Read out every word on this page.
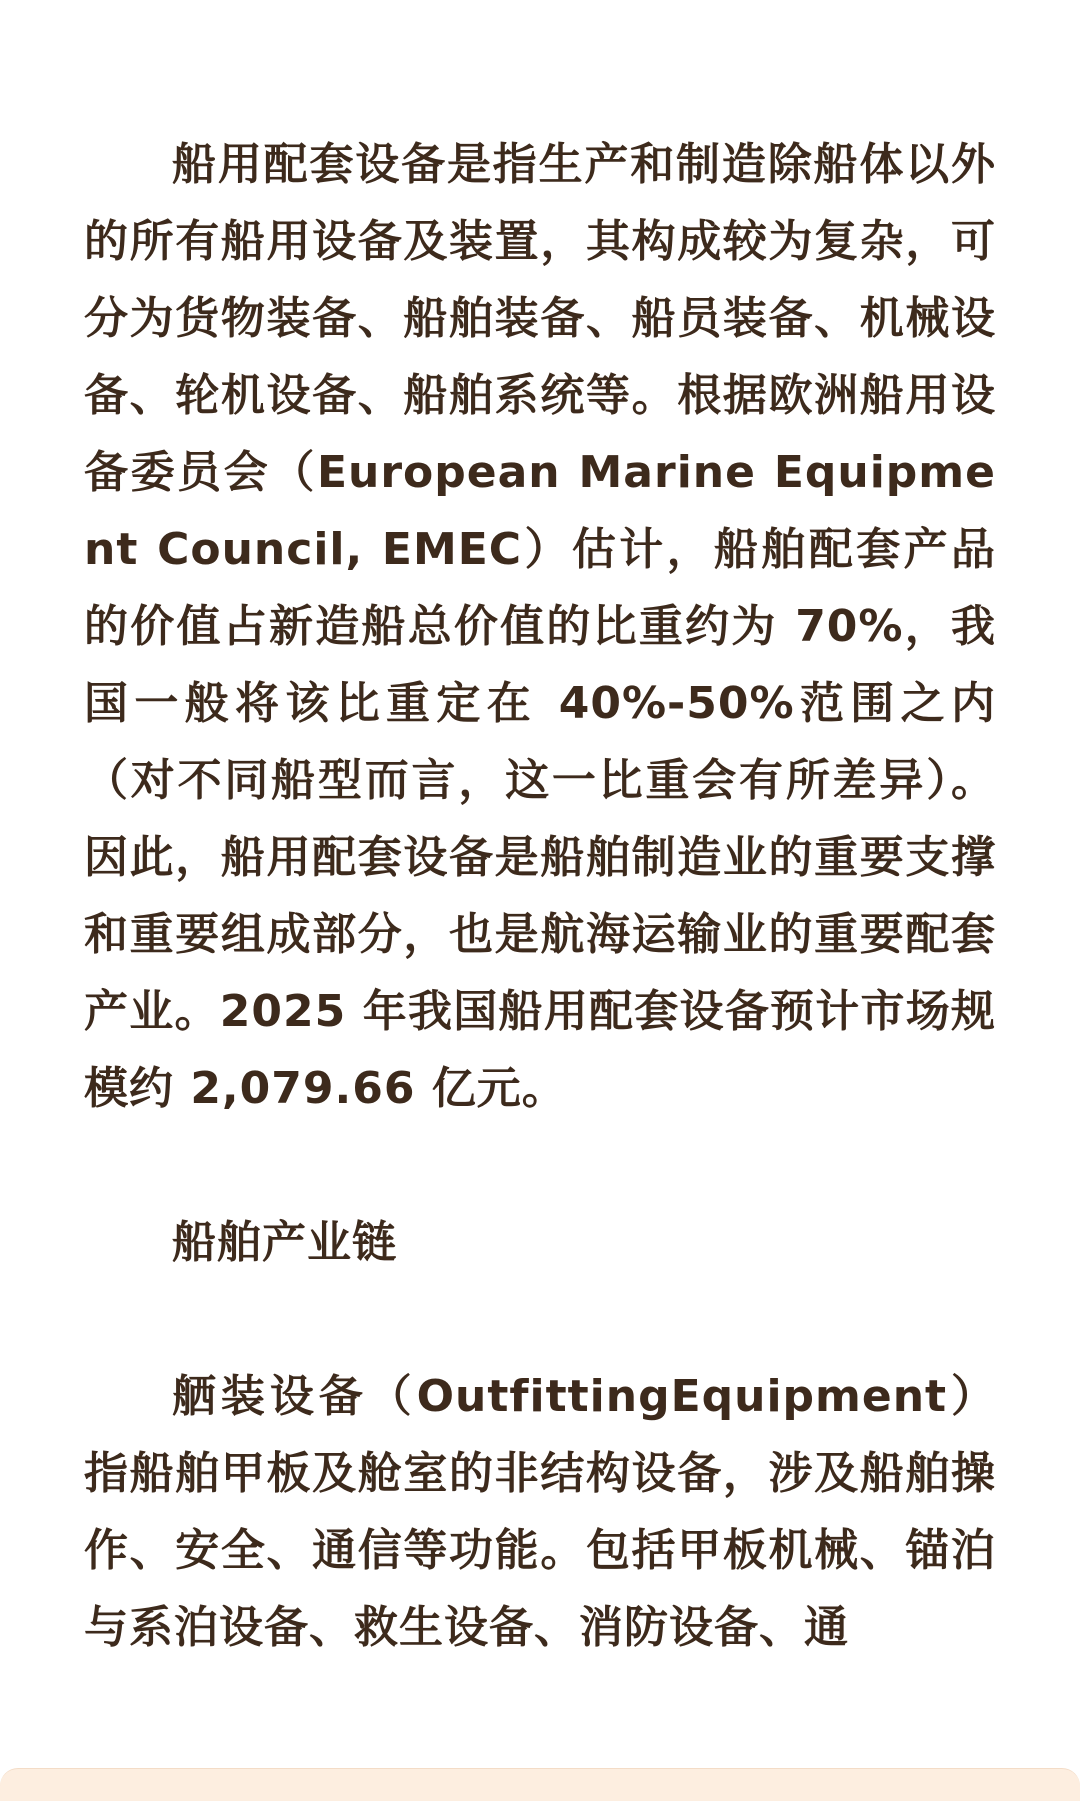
船用配套设备是指生产和制造除船体以外的所有船用设备及装置，其构成较为复杂，可分为货物装备、船舶装备、船员装备、机械设备、轮机设备、船舶系统等。根据欧洲船用设备委员会（European Marine Equipment Council, EMEC）估计，船舶配套产品的价值占新造船总价值的比重约为 70%，我国一般将该比重定在 40%-50%范围之内（对不同船型而言，这一比重会有所差异）。因此，船用配套设备是船舶制造业的重要支撑和重要组成部分，也是航海运输业的重要配套产业。2025 年我国船用配套设备预计市场规模约 2,079.66 亿元。

船舶产业链

舾装设备（OutfittingEquipment）指船舶甲板及舱室的非结构设备，涉及船舶操作、安全、通信等功能。包括甲板机械、锚泊与系泊设备、救生设备、消防设备、通
